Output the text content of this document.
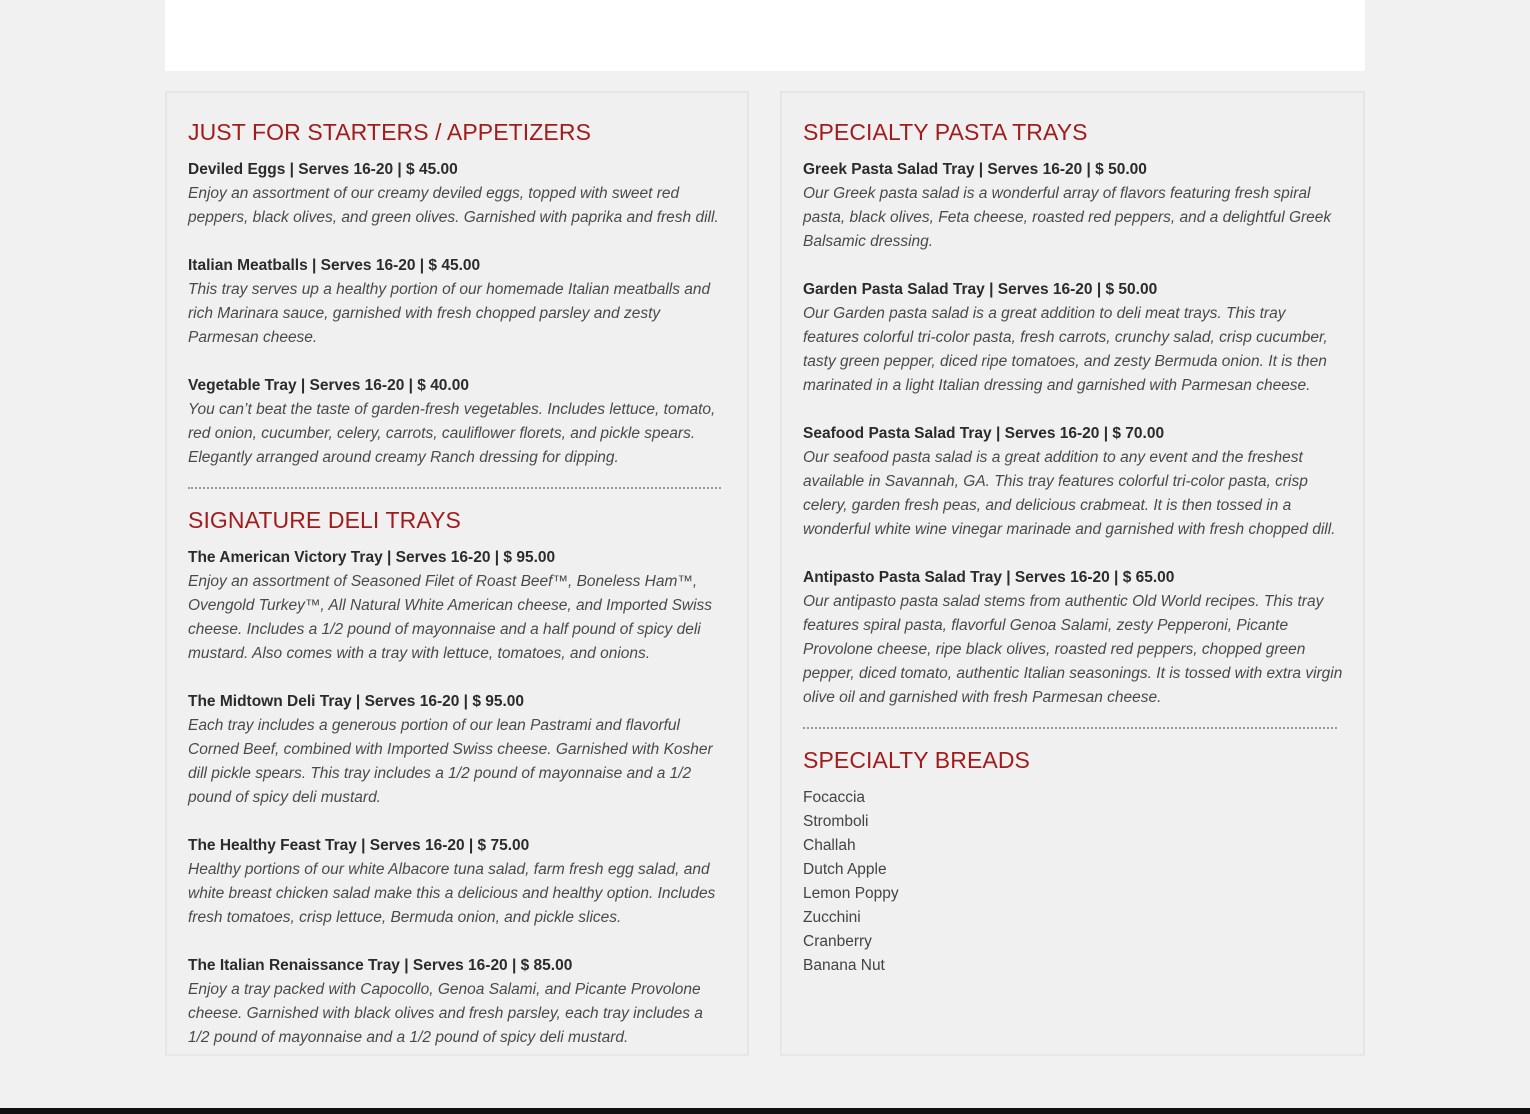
JUST FOR STARTERS / APPETIZERS

Deviled Eggs | Serves 16-20 | $ 45.00

Enjoy an assortment of our creamy deviled eggs, topped with sweet red peppers, black olives, and green olives. Garnished with paprika and fresh dill.

Italian Meatballs | Serves 16-20 | $ 45.00

This tray serves up a healthy portion of our homemade Italian meatballs and rich Marinara sauce, garnished with fresh chopped parsley and zesty Parmesan cheese.

Vegetable Tray | Serves 16-20 | $ 40.00

You can’t beat the taste of garden-fresh vegetables. Includes lettuce, tomato, red onion, cucumber, celery, carrots, cauliflower florets, and pickle spears. Elegantly arranged around creamy Ranch dressing for dipping.

SIGNATURE DELI TRAYS

The American Victory Tray | Serves 16-20 | $ 95.00

Enjoy an assortment of Seasoned Filet of Roast Beef™, Boneless Ham™, Ovengold Turkey™, All Natural White American cheese, and Imported Swiss cheese. Includes a 1/2 pound of mayonnaise and a half pound of spicy deli mustard. Also comes with a tray with lettuce, tomatoes, and onions.

The Midtown Deli Tray | Serves 16-20 | $ 95.00

Each tray includes a generous portion of our lean Pastrami and flavorful Corned Beef, combined with Imported Swiss cheese. Garnished with Kosher dill pickle spears. This tray includes a 1/2 pound of mayonnaise and a 1/2 pound of spicy deli mustard.

The Healthy Feast Tray | Serves 16-20 | $ 75.00

Healthy portions of our white Albacore tuna salad, farm fresh egg salad, and white breast chicken salad make this a delicious and healthy option. Includes fresh tomatoes, crisp lettuce, Bermuda onion, and pickle slices.

The Italian Renaissance Tray | Serves 16-20 | $ 85.00

Enjoy a tray packed with Capocollo, Genoa Salami, and Picante Provolone cheese. Garnished with black olives and fresh parsley, each tray includes a 1/2 pound of mayonnaise and a 1/2 pound of spicy deli mustard.

SPECIALTY PASTA TRAYS

Greek Pasta Salad Tray | Serves 16-20 | $ 50.00

Our Greek pasta salad is a wonderful array of flavors featuring fresh spiral pasta, black olives, Feta cheese, roasted red peppers, and a delightful Greek Balsamic dressing.

Garden Pasta Salad Tray | Serves 16-20 | $ 50.00

Our Garden pasta salad is a great addition to deli meat trays. This tray features colorful tri-color pasta, fresh carrots, crunchy salad, crisp cucumber, tasty green pepper, diced ripe tomatoes, and zesty Bermuda onion. It is then marinated in a light Italian dressing and garnished with Parmesan cheese.

Seafood Pasta Salad Tray | Serves 16-20 | $ 70.00

Our seafood pasta salad is a great addition to any event and the freshest available in Savannah, GA. This tray features colorful tri-color pasta, crisp celery, garden fresh peas, and delicious crabmeat. It is then tossed in a wonderful white wine vinegar marinade and garnished with fresh chopped dill.

Antipasto Pasta Salad Tray | Serves 16-20 | $ 65.00

Our antipasto pasta salad stems from authentic Old World recipes. This tray features spiral pasta, flavorful Genoa Salami, zesty Pepperoni, Picante Provolone cheese, ripe black olives, roasted red peppers, chopped green pepper, diced tomato, authentic Italian seasonings. It is tossed with extra virgin olive oil and garnished with fresh Parmesan cheese.

SPECIALTY BREADS
Focaccia
Stromboli
Challah
Dutch Apple
Lemon Poppy
Zucchini
Cranberry
Banana Nut
